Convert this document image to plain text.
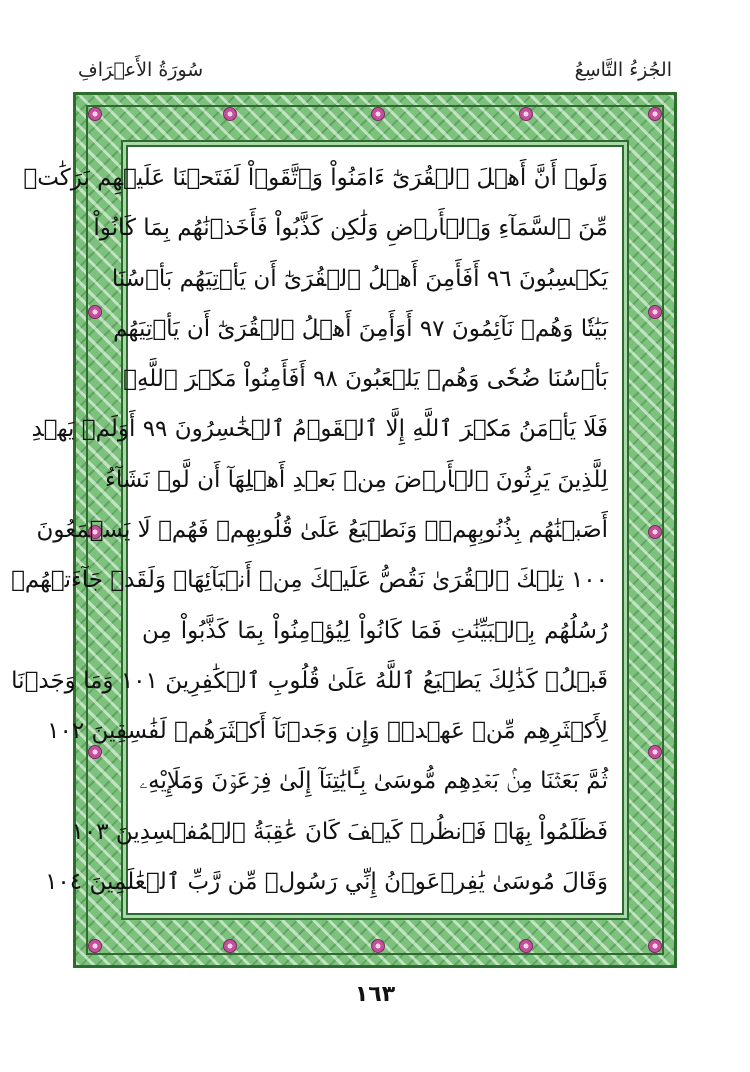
الجُزءُ التَّاسِعُ
سُورَةُ الأَعۡرَافِ
وَلَوۡ أَنَّ أَهۡلَ ٱلۡقُرَىٰٓ ءَامَنُواْ وَٱتَّقَوۡاْ لَفَتَحۡنَا عَلَيۡهِم بَرَكَٰتٖ
مِّنَ ٱلسَّمَآءِ وَٱلۡأَرۡضِ وَلَٰكِن كَذَّبُواْ فَأَخَذۡنَٰهُم بِمَا كَانُواْ
يَكۡسِبُونَ ٩٦ أَفَأَمِنَ أَهۡلُ ٱلۡقُرَىٰٓ أَن يَأۡتِيَهُم بَأۡسُنَا
بَيَٰتٗا وَهُمۡ نَآئِمُونَ ٩٧ أَوَأَمِنَ أَهۡلُ ٱلۡقُرَىٰٓ أَن يَأۡتِيَهُم
بَأۡسُنَا ضُحٗى وَهُمۡ يَلۡعَبُونَ ٩٨ أَفَأَمِنُواْ مَكۡرَ ٱللَّهِۚ
فَلَا يَأۡمَنُ مَكۡرَ ٱللَّهِ إِلَّا ٱلۡقَوۡمُ ٱلۡخَٰسِرُونَ ٩٩ أَوَلَمۡ يَهۡدِ
لِلَّذِينَ يَرِثُونَ ٱلۡأَرۡضَ مِنۢ بَعۡدِ أَهۡلِهَآ أَن لَّوۡ نَشَآءُ
أَصَبۡنَٰهُم بِذُنُوبِهِمۡۚ وَنَطۡبَعُ عَلَىٰ قُلُوبِهِمۡ فَهُمۡ لَا يَسۡمَعُونَ
١٠٠ تِلۡكَ ٱلۡقُرَىٰ نَقُصُّ عَلَيۡكَ مِنۡ أَنۢبَآئِهَاۚ وَلَقَدۡ جَآءَتۡهُمۡ
رُسُلُهُم بِٱلۡبَيِّنَٰتِ فَمَا كَانُواْ لِيُؤۡمِنُواْ بِمَا كَذَّبُواْ مِن
قَبۡلُۚ كَذَٰلِكَ يَطۡبَعُ ٱللَّهُ عَلَىٰ قُلُوبِ ٱلۡكَٰفِرِينَ ١٠١ وَمَا وَجَدۡنَا
لِأَكۡثَرِهِم مِّنۡ عَهۡدٖۖ وَإِن وَجَدۡنَآ أَكۡثَرَهُمۡ لَفَٰسِقِينَ ١٠٢
ثُمَّ بَعَثۡنَا مِنۢ بَعۡدِهِم مُّوسَىٰ بِـَٔايَٰتِنَآ إِلَىٰ فِرۡعَوۡنَ وَمَلَإِيْهِۦ
فَظَلَمُواْ بِهَاۖ فَٱنظُرۡ كَيۡفَ كَانَ عَٰقِبَةُ ٱلۡمُفۡسِدِينَ ١٠٣
وَقَالَ مُوسَىٰ يَٰفِرۡعَوۡنُ إِنِّي رَسُولٞ مِّن رَّبِّ ٱلۡعَٰلَمِينَ ١٠٤
١٦٣
